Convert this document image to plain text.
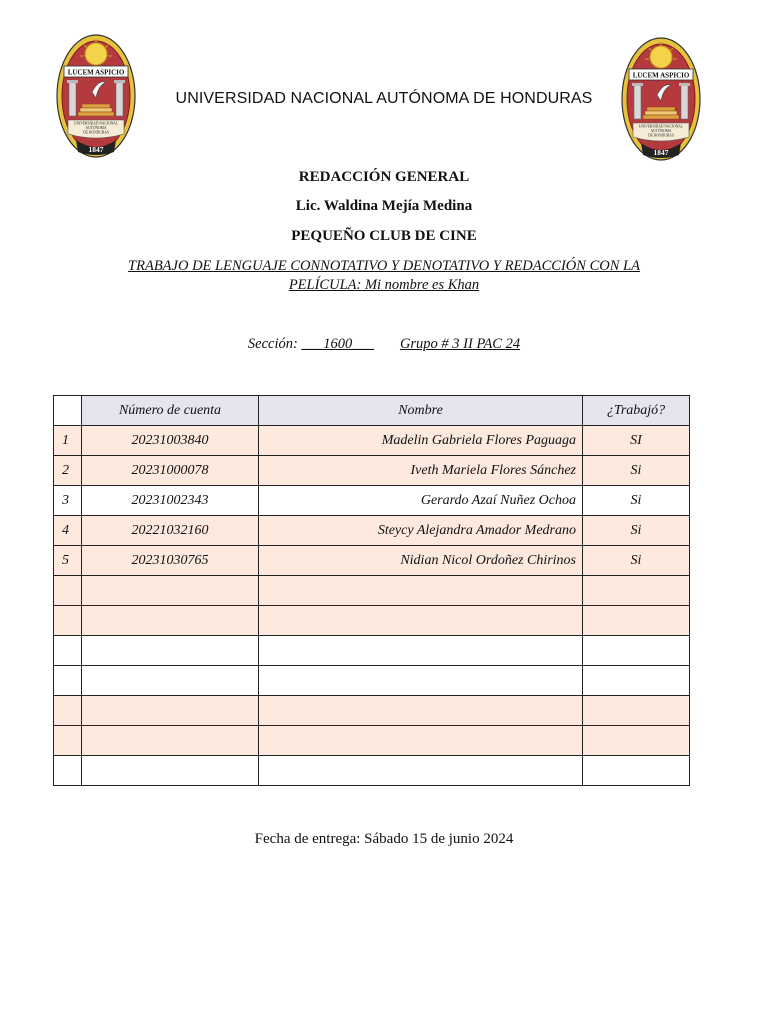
LUCEM ASPICIO
UNIVERSIDAD NACIONAL
AUTÓNOMA
DE HONDURAS
1847
LUCEM ASPICIO
UNIVERSIDAD NACIONAL
AUTÓNOMA
DE HONDURAS
1847
UNIVERSIDAD NACIONAL AUTÓNOMA DE HONDURAS
REDACCIÓN GENERAL
Lic. Waldina Mejía Medina
PEQUEÑO CLUB DE CINE
TRABAJO DE LENGUAJE CONNOTATIVO Y DENOTATIVO Y REDACCIÓN CON LA
PELÍCULA: Mi nombre es Khan
Sección: ___1600___ Grupo # 3 II PAC 24
	Número de cuenta	Nombre	¿Trabajó?
1	20231003840	Madelin Gabriela Flores Paguaga	SI
2	20231000078	Iveth Mariela Flores Sánchez	Si
3	20231002343	Gerardo Azaí Nuñez Ochoa	Si
4	20221032160	Steycy Alejandra Amador Medrano	Si
5	20231030765	Nidian Nicol Ordoñez Chirinos	Si

Fecha de entrega: Sábado 15 de junio 2024
